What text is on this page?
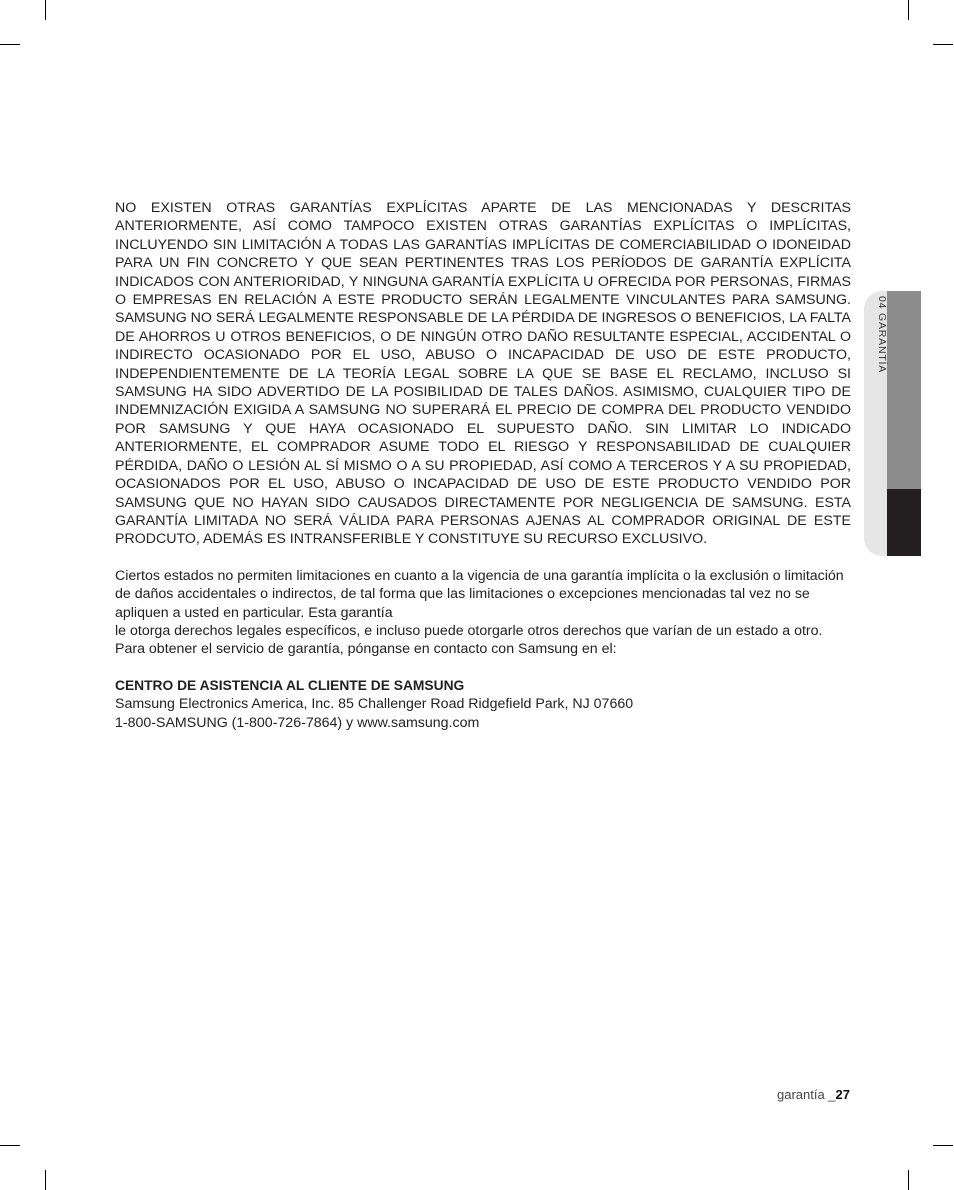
NO EXISTEN OTRAS GARANTÍAS EXPLÍCITAS APARTE DE LAS MENCIONADAS Y DESCRITAS ANTERIORMENTE, ASÍ COMO TAMPOCO EXISTEN OTRAS GARANTÍAS EXPLÍCITAS O IMPLÍCITAS, INCLUYENDO SIN LIMITACIÓN A TODAS LAS GARANTÍAS IMPLÍCITAS DE COMERCIABILIDAD O IDONEIDAD PARA UN FIN CONCRETO Y QUE SEAN PERTINENTES TRAS LOS PERÍODOS DE GARANTÍA EXPLÍCITA INDICADOS CON ANTERIORIDAD, Y NINGUNA GARANTÍA EXPLÍCITA U OFRECIDA POR PERSONAS, FIRMAS O EMPRESAS EN RELACIÓN A ESTE PRODUCTO SERÁN LEGALMENTE VINCULANTES PARA SAMSUNG. SAMSUNG NO SERÁ LEGALMENTE RESPONSABLE DE LA PÉRDIDA DE INGRESOS O BENEFICIOS, LA FALTA DE AHORROS U OTROS BENEFICIOS, O DE NINGÚN OTRO DAÑO RESULTANTE ESPECIAL, ACCIDENTAL O INDIRECTO OCASIONADO POR EL USO, ABUSO O INCAPACIDAD DE USO DE ESTE PRODUCTO, INDEPENDIENTEMENTE DE LA TEORÍA LEGAL SOBRE LA QUE SE BASE EL RECLAMO, INCLUSO SI SAMSUNG HA SIDO ADVERTIDO DE LA POSIBILIDAD DE TALES DAÑOS. ASIMISMO, CUALQUIER TIPO DE INDEMNIZACIÓN EXIGIDA A SAMSUNG NO SUPERARÁ EL PRECIO DE COMPRA DEL PRODUCTO VENDIDO POR SAMSUNG Y QUE HAYA OCASIONADO EL SUPUESTO DAÑO. SIN LIMITAR LO INDICADO ANTERIORMENTE, EL COMPRADOR ASUME TODO EL RIESGO Y RESPONSABILIDAD DE CUALQUIER PÉRDIDA, DAÑO O LESIÓN AL SÍ MISMO O A SU PROPIEDAD, ASÍ COMO A TERCEROS Y A SU PROPIEDAD, OCASIONADOS POR EL USO, ABUSO O INCAPACIDAD DE USO DE ESTE PRODUCTO VENDIDO POR SAMSUNG QUE NO HAYAN SIDO CAUSADOS DIRECTAMENTE POR NEGLIGENCIA DE SAMSUNG. ESTA GARANTÍA LIMITADA NO SERÁ VÁLIDA PARA PERSONAS AJENAS AL COMPRADOR ORIGINAL DE ESTE PRODCUTO, ADEMÁS ES INTRANSFERIBLE Y CONSTITUYE SU RECURSO EXCLUSIVO.

Ciertos estados no permiten limitaciones en cuanto a la vigencia de una garantía implícita o la exclusión o limitación de daños accidentales o indirectos, de tal forma que las limitaciones o excepciones mencionadas tal vez no se apliquen a usted en particular. Esta garantía

le otorga derechos legales específicos, e incluso puede otorgarle otros derechos que varían de un estado a otro.

Para obtener el servicio de garantía, pónganse en contacto con Samsung en el:

CENTRO DE ASISTENCIA AL CLIENTE DE SAMSUNG

Samsung Electronics America, Inc. 85 Challenger Road Ridgefield Park, NJ 07660

1-800-SAMSUNG (1-800-726-7864) y www.samsung.com

04 GARANTÍA
garantía _27
